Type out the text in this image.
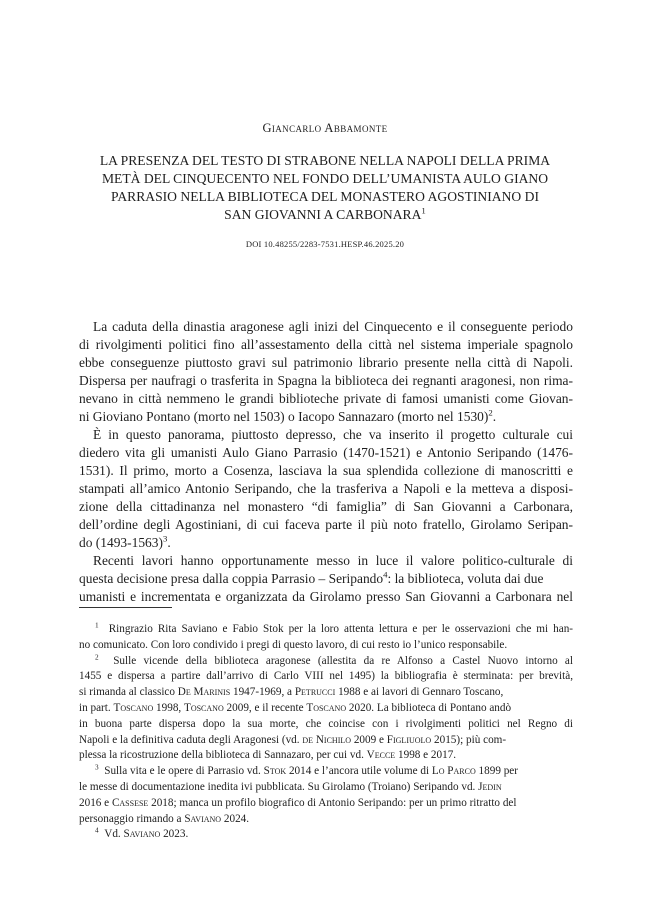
Giancarlo Abbamonte

LA PRESENZA DEL TESTO DI STRABONE NELLA NAPOLI DELLA PRIMA

METÀ DEL CINQUECENTO NEL FONDO DELL’UMANISTA AULO GIANO

PARRASIO NELLA BIBLIOTECA DEL MONASTERO AGOSTINIANO DI

SAN GIOVANNI A CARBONARA$^1$

DOI 10.48255/2283-7531.HESP.46.2025.20
La caduta della dinastia aragonese agli inizi del Cinquecento e il conseguente periodo
di rivolgimenti politici fino all’assestamento della città nel sistema imperiale spagnolo
ebbe conseguenze piuttosto gravi sul patrimonio librario presente nella città di Napoli.
Dispersa per naufragi o trasferita in Spagna la biblioteca dei regnanti aragonesi, non rima-
nevano in città nemmeno le grandi biblioteche private di famosi umanisti come Giovan-
ni Gioviano Pontano (morto nel 1503) o Iacopo Sannazaro (morto nel 1530)$^2$.
È in questo panorama, piuttosto depresso, che va inserito il progetto culturale cui
diedero vita gli umanisti Aulo Giano Parrasio (1470-1521) e Antonio Seripando (1476-
1531). Il primo, morto a Cosenza, lasciava la sua splendida collezione di manoscritti e
stampati all’amico Antonio Seripando, che la trasferiva a Napoli e la metteva a disposi-
zione della cittadinanza nel monastero “di famiglia” di San Giovanni a Carbonara,
dell’ordine degli Agostiniani, di cui faceva parte il più noto fratello, Girolamo Seripan-
do (1493-1563)$^3$.
Recenti lavori hanno opportunamente messo in luce il valore politico-culturale di
questa decisione presa dalla coppia Parrasio – Seripando$^4$: la biblioteca, voluta dai due
umanisti e incrementata e organizzata da Girolamo presso San Giovanni a Carbonara nel
$^1$ Ringrazio Rita Saviano e Fabio Stok per la loro attenta lettura e per le osservazioni che mi han-
no comunicato. Con loro condivido i pregi di questo lavoro, di cui resto io l’unico responsabile.
$^2$ Sulle vicende della biblioteca aragonese (allestita da re Alfonso a Castel Nuovo intorno al
1455 e dispersa a partire dall’arrivo di Carlo VIII nel 1495) la bibliografia è sterminata: per brevità,
si rimanda al classico De Marinis 1947-1969, a Petrucci 1988 e ai lavori di Gennaro Toscano,
in part. Toscano 1998, Toscano 2009, e il recente Toscano 2020. La biblioteca di Pontano andò
in buona parte dispersa dopo la sua morte, che coincise con i rivolgimenti politici nel Regno di
Napoli e la definitiva caduta degli Aragonesi (vd. de Nichilo 2009 e Figliuolo 2015); più com-
plessa la ricostruzione della biblioteca di Sannazaro, per cui vd. Vecce 1998 e 2017.
$^3$ Sulla vita e le opere di Parrasio vd. Stok 2014 e l’ancora utile volume di Lo Parco 1899 per
le messe di documentazione inedita ivi pubblicata. Su Girolamo (Troiano) Seripando vd. Jedin
2016 e Cassese 2018; manca un profilo biografico di Antonio Seripando: per un primo ritratto del
personaggio rimando a Saviano 2024.
$^4$ Vd. Saviano 2023.
